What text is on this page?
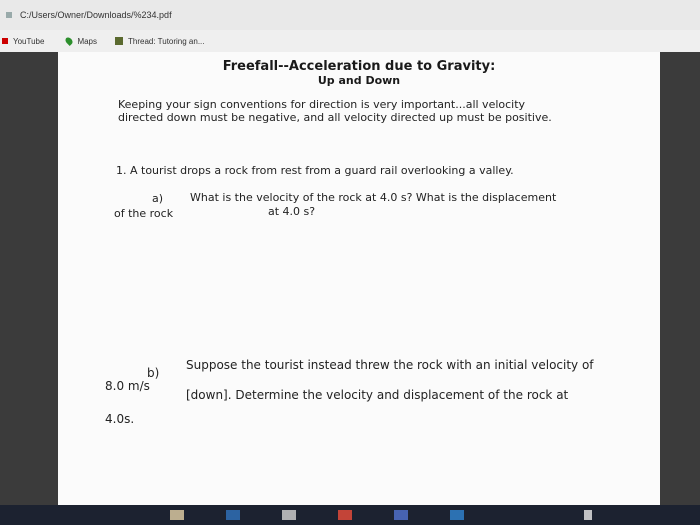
C:/Users/Owner/Downloads/%234.pdf
YouTube	Maps	Thread: Tutoring an...
Freefall--Acceleration due to Gravity:
Up and Down
Keeping your sign conventions for direction is very important...all velocity
directed down must be negative, and all velocity directed up must be positive.
1. A tourist drops a rock from rest from a guard rail overlooking a valley.
a) What is the velocity of the rock at 4.0 s? What is the displacement
of the rock	at 4.0 s?
b)
Suppose the tourist instead threw the rock with an initial velocity of
8.0 m/s
[down]. Determine the velocity and displacement of the rock at
4.0s.
